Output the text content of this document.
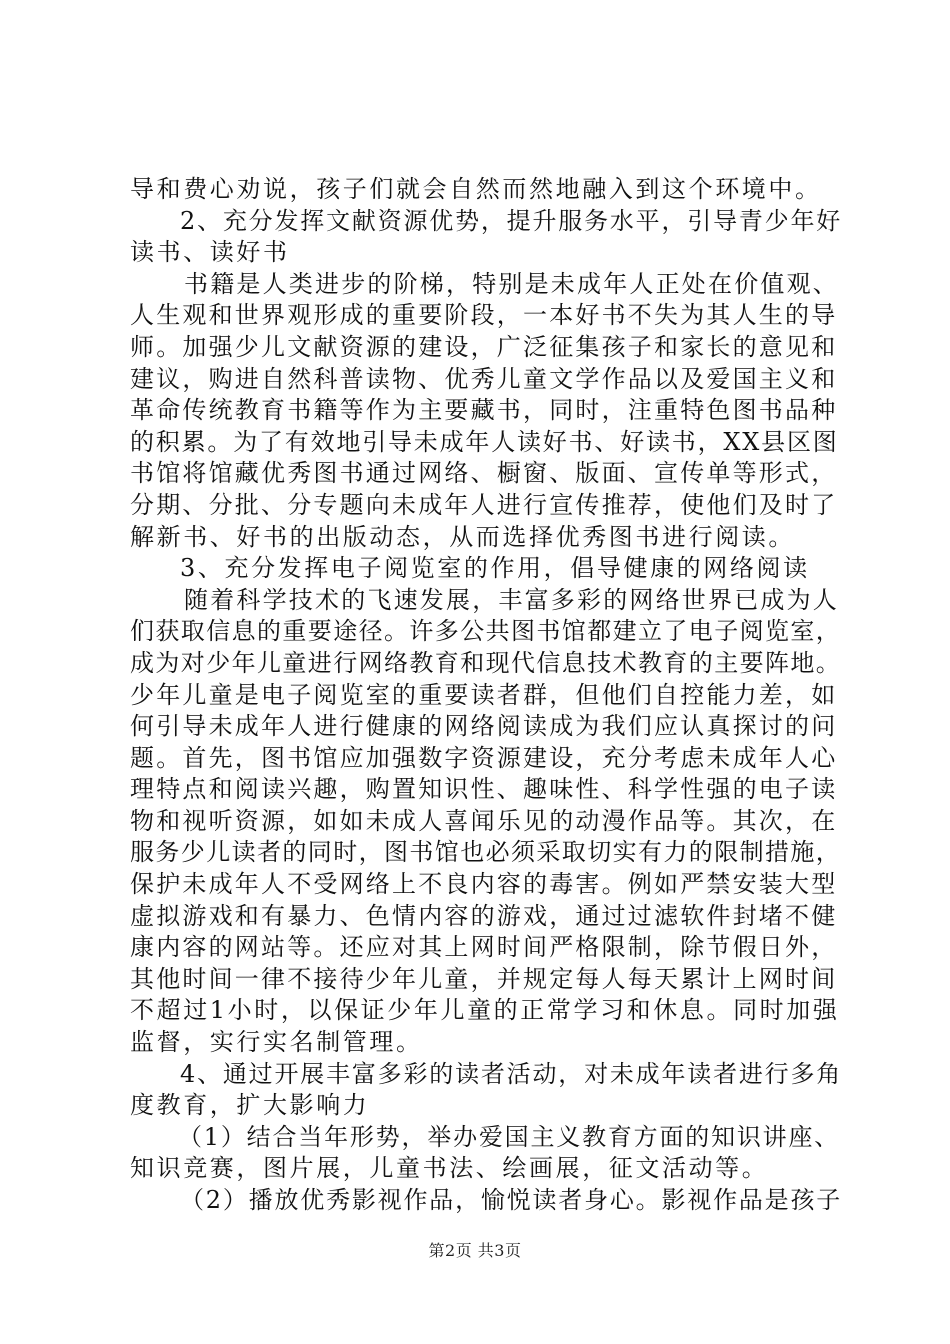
导和费心劝说，孩子们就会自然而然地融入到这个环境中。
2、充分发挥文献资源优势，提升服务水平，引导青少年好
读书、读好书
书籍是人类进步的阶梯，特别是未成年人正处在价值观、
人生观和世界观形成的重要阶段，一本好书不失为其人生的导
师。加强少儿文献资源的建设，广泛征集孩子和家长的意见和
建议，购进自然科普读物、优秀儿童文学作品以及爱国主义和
革命传统教育书籍等作为主要藏书，同时，注重特色图书品种
的积累。为了有效地引导未成年人读好书、好读书，XX县区图
书馆将馆藏优秀图书通过网络、橱窗、版面、宣传单等形式，
分期、分批、分专题向未成年人进行宣传推荐，使他们及时了
解新书、好书的出版动态，从而选择优秀图书进行阅读。
3、充分发挥电子阅览室的作用，倡导健康的网络阅读
随着科学技术的飞速发展，丰富多彩的网络世界已成为人
们获取信息的重要途径。许多公共图书馆都建立了电子阅览室，
成为对少年儿童进行网络教育和现代信息技术教育的主要阵地。
少年儿童是电子阅览室的重要读者群，但他们自控能力差，如
何引导未成年人进行健康的网络阅读成为我们应认真探讨的问
题。首先，图书馆应加强数字资源建设，充分考虑未成年人心
理特点和阅读兴趣，购置知识性、趣味性、科学性强的电子读
物和视听资源，如如未成人喜闻乐见的动漫作品等。其次，在
服务少儿读者的同时，图书馆也必须采取切实有力的限制措施，
保护未成年人不受网络上不良内容的毒害。例如严禁安装大型
虚拟游戏和有暴力、色情内容的游戏，通过过滤软件封堵不健
康内容的网站等。还应对其上网时间严格限制，除节假日外，
其他时间一律不接待少年儿童，并规定每人每天累计上网时间
不超过1小时，以保证少年儿童的正常学习和休息。同时加强
监督，实行实名制管理。
4、通过开展丰富多彩的读者活动，对未成年读者进行多角
度教育，扩大影响力
（1）结合当年形势，举办爱国主义教育方面的知识讲座、
知识竞赛，图片展，儿童书法、绘画展，征文活动等。
（2）播放优秀影视作品，愉悦读者身心。影视作品是孩子
第2页 共3页
